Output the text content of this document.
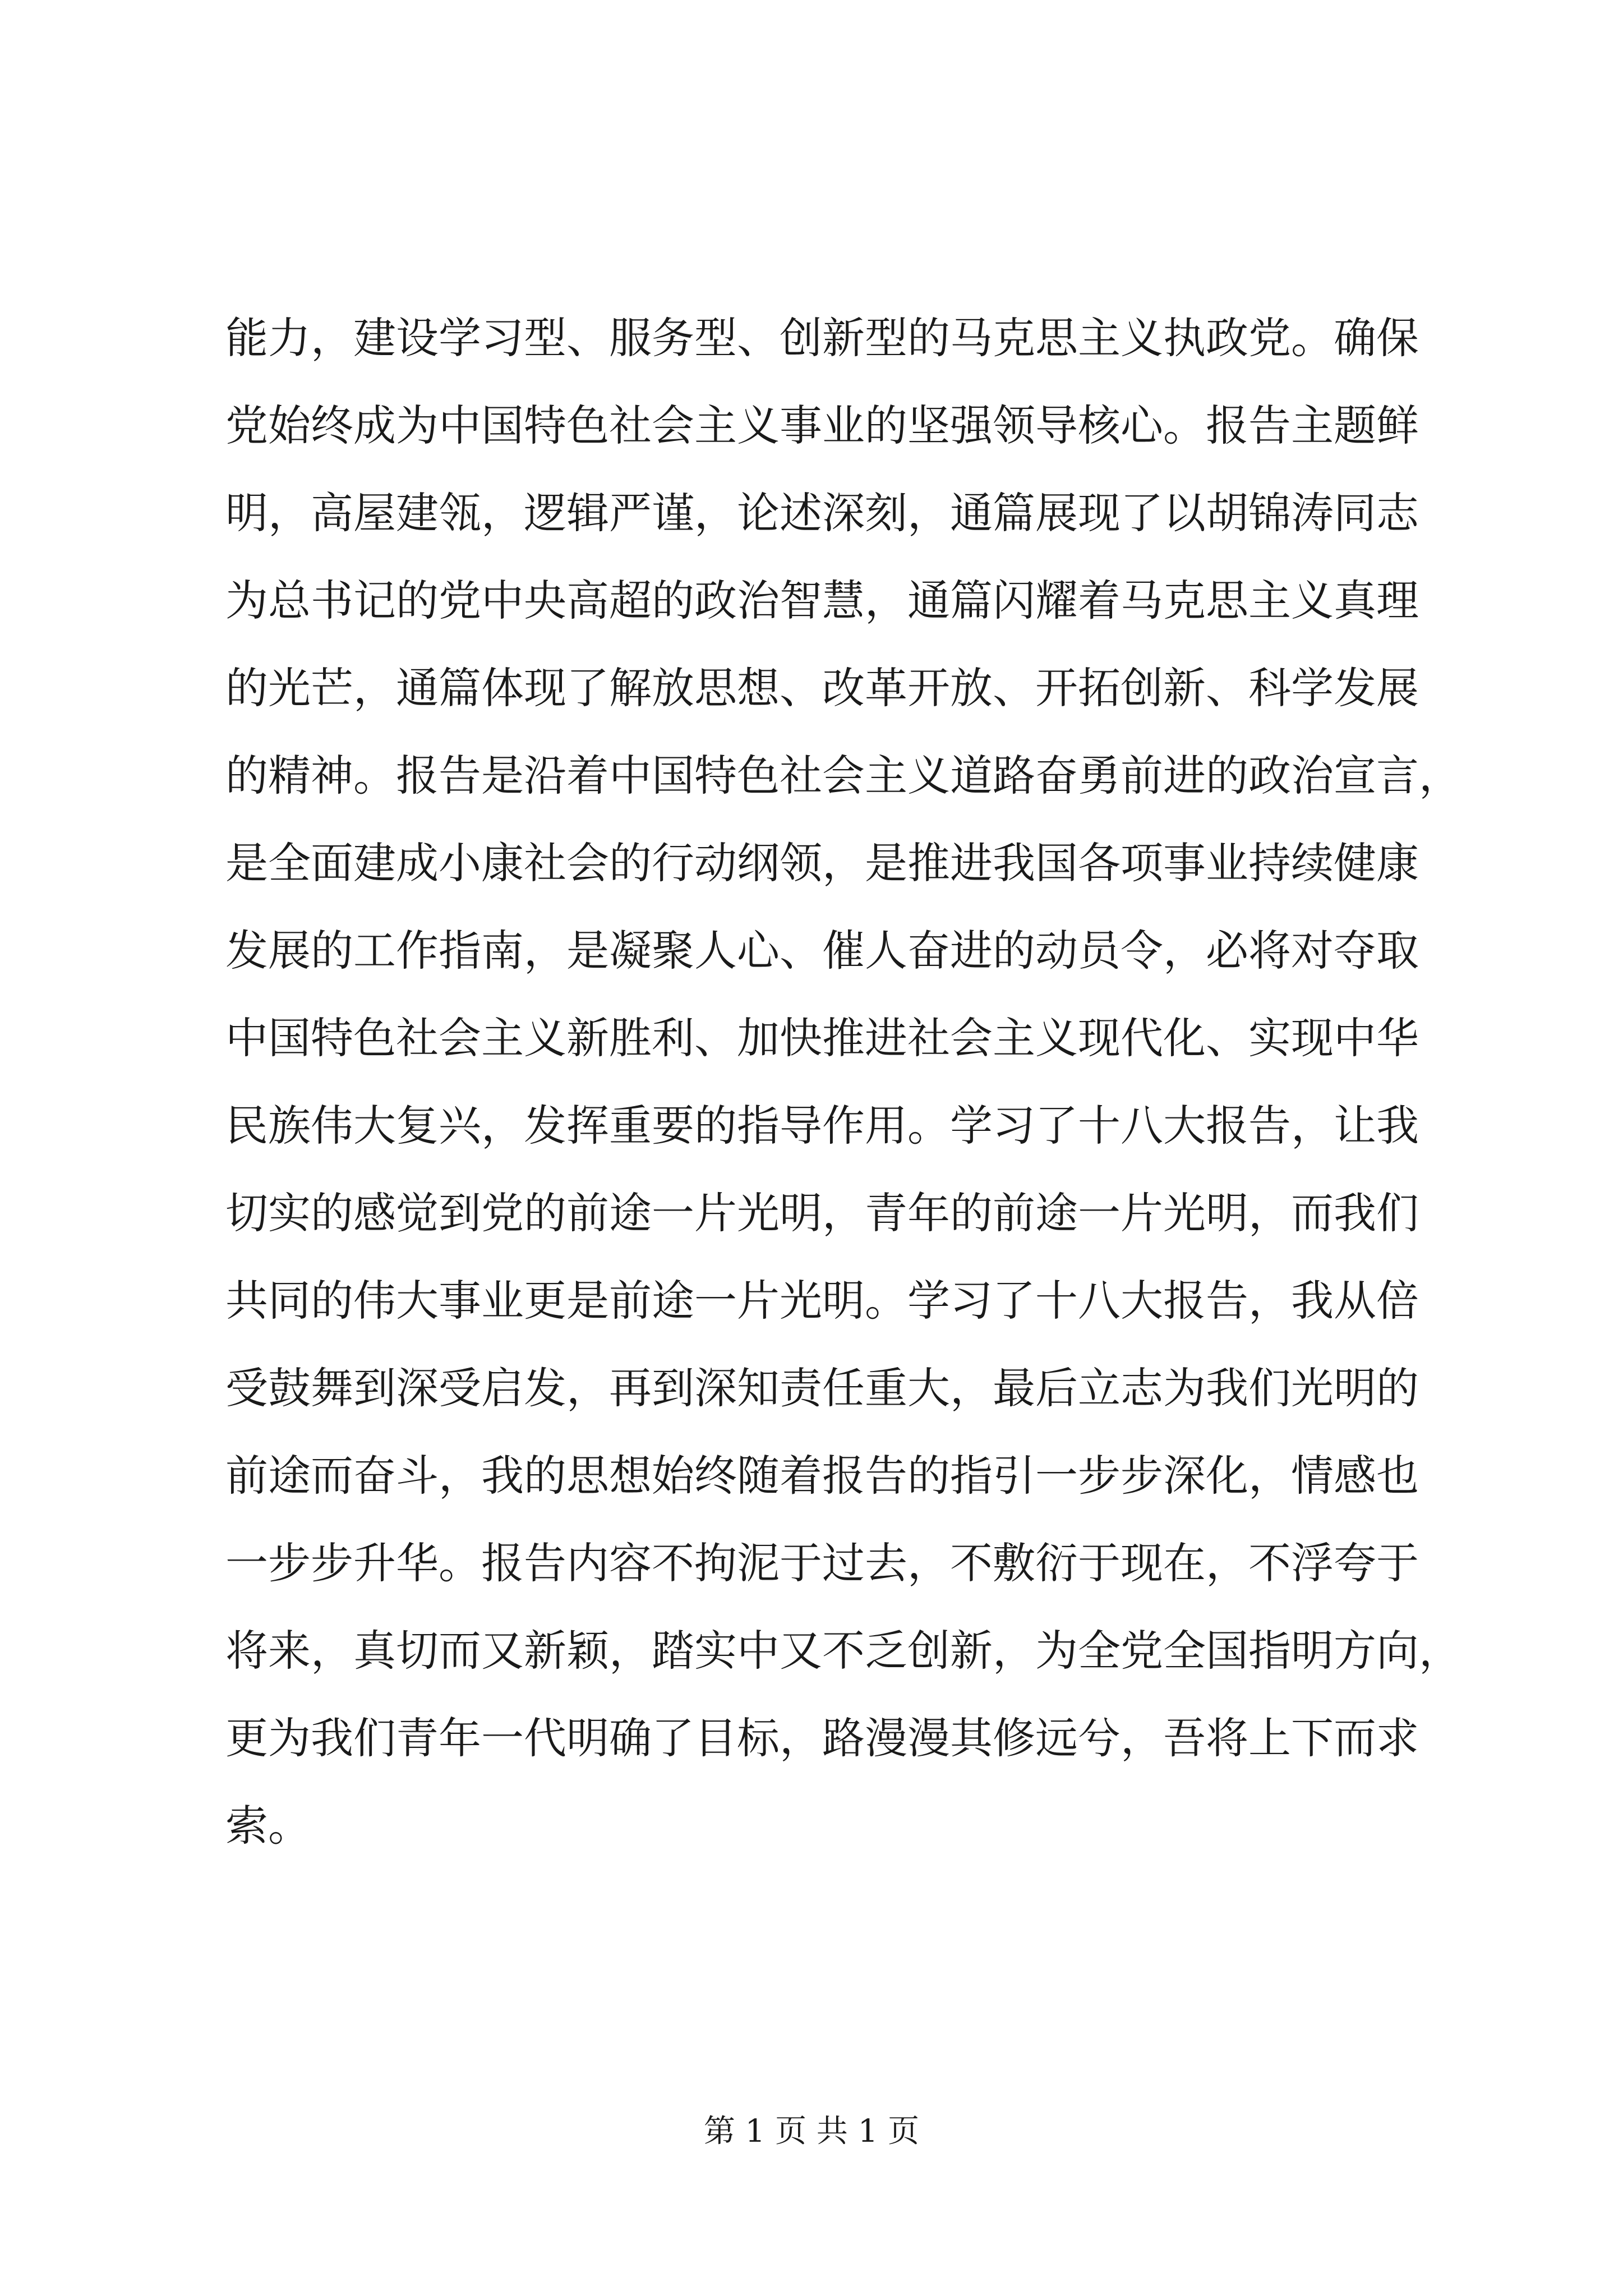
能力，建设学习型、服务型、创新型的马克思主义执政党。确保
党始终成为中国特色社会主义事业的坚强领导核心。报告主题鲜
明，高屋建瓴，逻辑严谨，论述深刻，通篇展现了以胡锦涛同志
为总书记的党中央高超的政治智慧，通篇闪耀着马克思主义真理
的光芒，通篇体现了解放思想、改革开放、开拓创新、科学发展
的精神。报告是沿着中国特色社会主义道路奋勇前进的政治宣言，
是全面建成小康社会的行动纲领，是推进我国各项事业持续健康
发展的工作指南，是凝聚人心、催人奋进的动员令，必将对夺取
中国特色社会主义新胜利、加快推进社会主义现代化、实现中华
民族伟大复兴，发挥重要的指导作用。学习了十八大报告，让我
切实的感觉到党的前途一片光明，青年的前途一片光明，而我们
共同的伟大事业更是前途一片光明。学习了十八大报告，我从倍
受鼓舞到深受启发，再到深知责任重大，最后立志为我们光明的
前途而奋斗，我的思想始终随着报告的指引一步步深化，情感也
一步步升华。报告内容不拘泥于过去，不敷衍于现在，不浮夸于
将来，真切而又新颖，踏实中又不乏创新，为全党全国指明方向，
更为我们青年一代明确了目标，路漫漫其修远兮，吾将上下而求
索。
第 1 页 共 1 页
